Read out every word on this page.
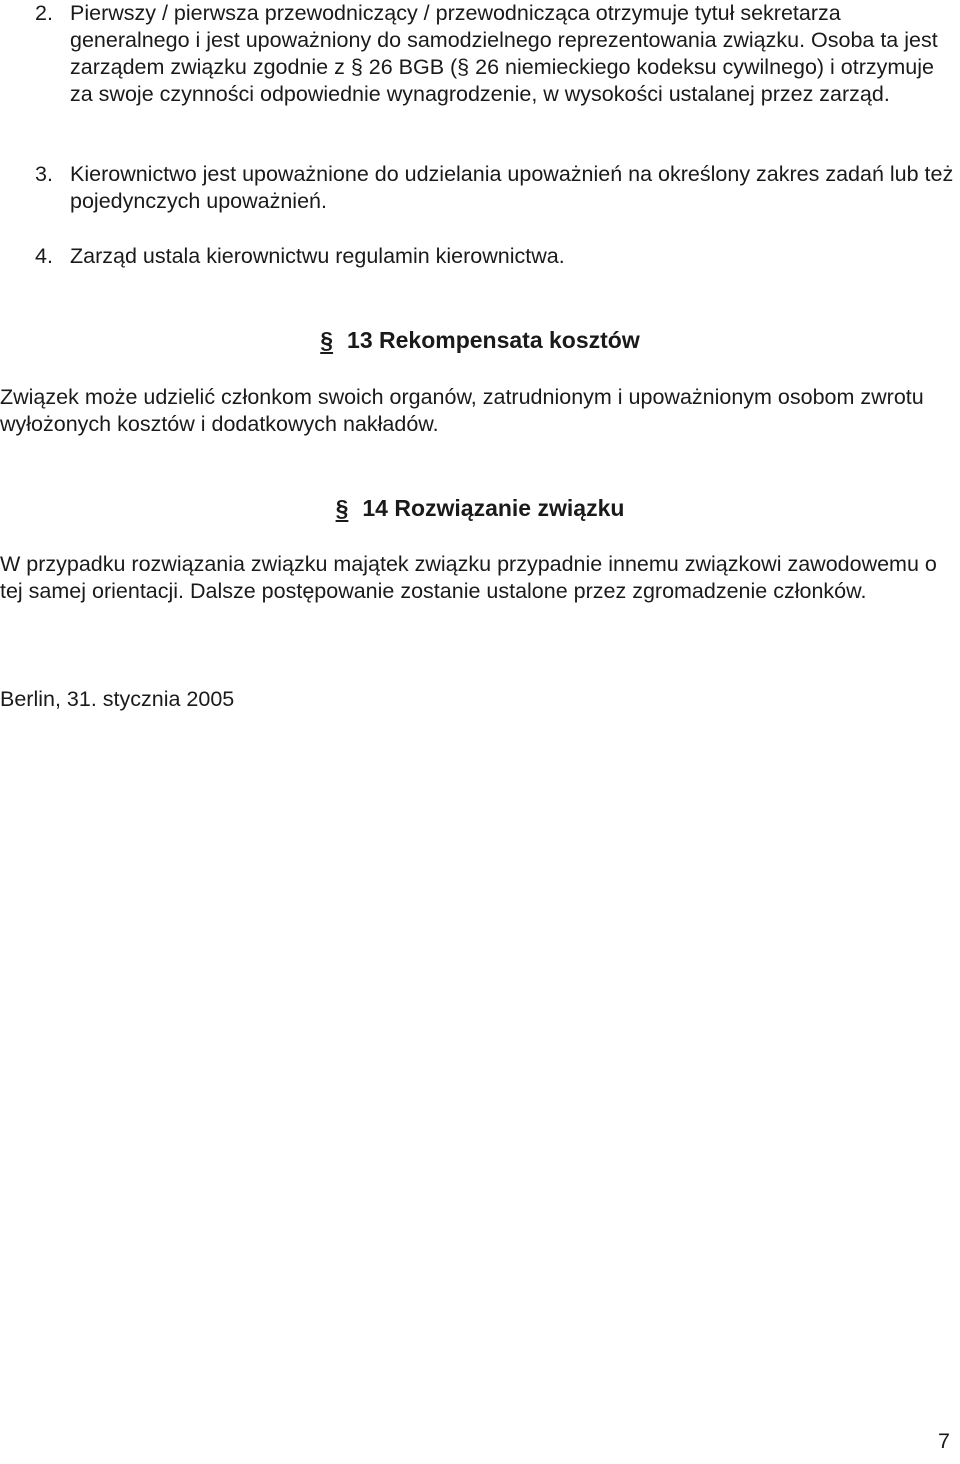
2. Pierwszy / pierwsza przewodniczący / przewodnicząca otrzymuje tytuł sekretarza generalnego i jest upoważniony do samodzielnego reprezentowania związku. Osoba ta jest zarządem związku zgodnie z § 26 BGB (§ 26 niemieckiego kodeksu cywilnego) i otrzymuje za swoje czynności odpowiednie wynagrodzenie, w wysokości ustalanej przez zarząd.

3. Kierownictwo jest upoważnione do udzielania upoważnień na określony zakres zadań lub też pojedynczych upoważnień.

4. Zarząd ustala kierownictwu regulamin kierownictwa.

§ 13 Rekompensata kosztów

Związek może udzielić członkom swoich organów, zatrudnionym i upoważnionym osobom zwrotu wyłożonych kosztów i dodatkowych nakładów.

§ 14 Rozwiązanie związku

W przypadku rozwiązania związku majątek związku przypadnie innemu związkowi zawodowemu o tej samej orientacji. Dalsze postępowanie zostanie ustalone przez zgromadzenie członków.

Berlin, 31. stycznia 2005

7
